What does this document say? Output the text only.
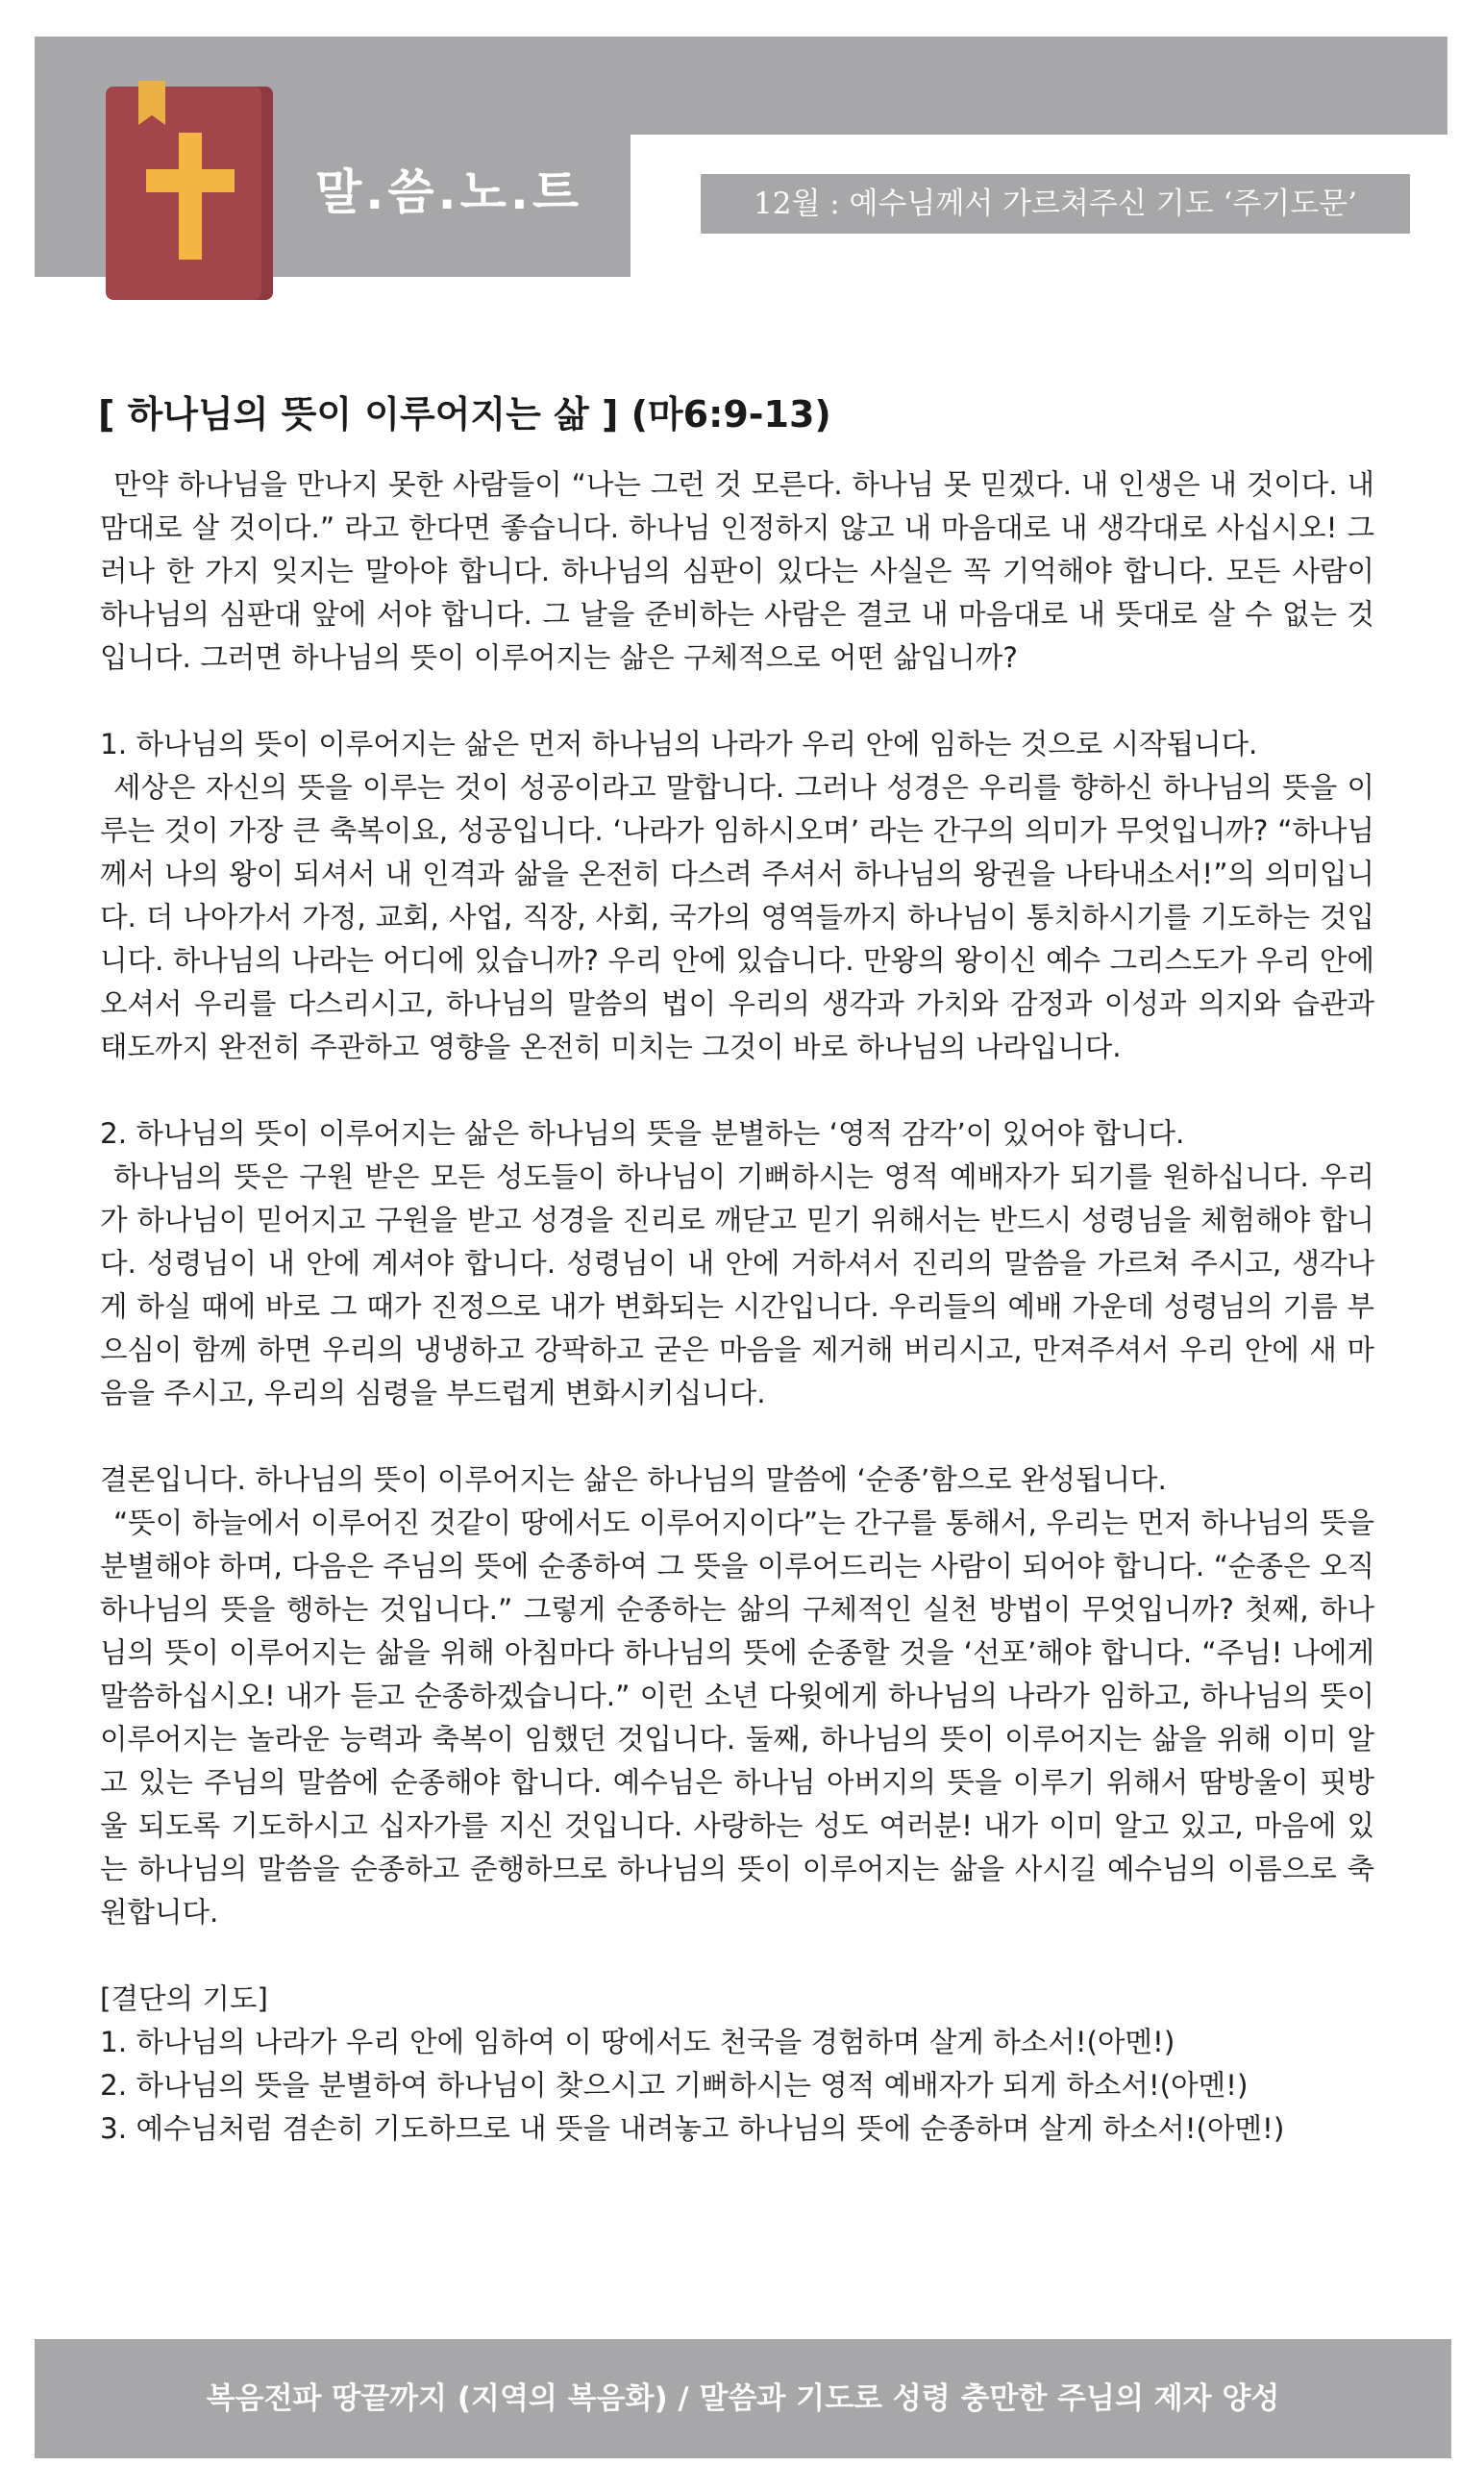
말.씀.노.트	12월 : 예수님께서 가르쳐주신 기도 ‘주기도문’
[ 하나님의 뜻이 이루어지는 삶 ] (마6:9-13)

만약 하나님을 만나지 못한 사람들이 “나는 그런 것 모른다. 하나님 못 믿겠다. 내 인생은 내 것이다. 내 맘대로 살 것이다.” 라고 한다면 좋습니다. 하나님 인정하지 않고 내 마음대로 내 생각대로 사십시오! 그러나 한 가지 잊지는 말아야 합니다. 하나님의 심판이 있다는 사실은 꼭 기억해야 합니다. 모든 사람이 하나님의 심판대 앞에 서야 합니다. 그 날을 준비하는 사람은 결코 내 마음대로 내 뜻대로 살 수 없는 것입니다. 그러면 하나님의 뜻이 이루어지는 삶은 구체적으로 어떤 삶입니까?

1. 하나님의 뜻이 이루어지는 삶은 먼저 하나님의 나라가 우리 안에 임하는 것으로 시작됩니다.
세상은 자신의 뜻을 이루는 것이 성공이라고 말합니다. 그러나 성경은 우리를 향하신 하나님의 뜻을 이루는 것이 가장 큰 축복이요, 성공입니다. ‘나라가 임하시오며’ 라는 간구의 의미가 무엇입니까? “하나님께서 나의 왕이 되셔서 내 인격과 삶을 온전히 다스려 주셔서 하나님의 왕권을 나타내소서!”의 의미입니다. 더 나아가서 가정, 교회, 사업, 직장, 사회, 국가의 영역들까지 하나님이 통치하시기를 기도하는 것입니다. 하나님의 나라는 어디에 있습니까? 우리 안에 있습니다. 만왕의 왕이신 예수 그리스도가 우리 안에 오셔서 우리를 다스리시고, 하나님의 말씀의 법이 우리의 생각과 가치와 감정과 이성과 의지와 습관과 태도까지 완전히 주관하고 영향을 온전히 미치는 그것이 바로 하나님의 나라입니다.

2. 하나님의 뜻이 이루어지는 삶은 하나님의 뜻을 분별하는 ‘영적 감각’이 있어야 합니다.
하나님의 뜻은 구원 받은 모든 성도들이 하나님이 기뻐하시는 영적 예배자가 되기를 원하십니다. 우리가 하나님이 믿어지고 구원을 받고 성경을 진리로 깨닫고 믿기 위해서는 반드시 성령님을 체험해야 합니다. 성령님이 내 안에 계셔야 합니다. 성령님이 내 안에 거하셔서 진리의 말씀을 가르쳐 주시고, 생각나게 하실 때에 바로 그 때가 진정으로 내가 변화되는 시간입니다. 우리들의 예배 가운데 성령님의 기름 부으심이 함께 하면 우리의 냉냉하고 강팍하고 굳은 마음을 제거해 버리시고, 만져주셔서 우리 안에 새 마음을 주시고, 우리의 심령을 부드럽게 변화시키십니다.

결론입니다. 하나님의 뜻이 이루어지는 삶은 하나님의 말씀에 ‘순종’함으로 완성됩니다.
“뜻이 하늘에서 이루어진 것같이 땅에서도 이루어지이다”는 간구를 통해서, 우리는 먼저 하나님의 뜻을 분별해야 하며, 다음은 주님의 뜻에 순종하여 그 뜻을 이루어드리는 사람이 되어야 합니다. “순종은 오직 하나님의 뜻을 행하는 것입니다.” 그렇게 순종하는 삶의 구체적인 실천 방법이 무엇입니까? 첫째, 하나님의 뜻이 이루어지는 삶을 위해 아침마다 하나님의 뜻에 순종할 것을 ‘선포’해야 합니다. “주님! 나에게 말씀하십시오! 내가 듣고 순종하겠습니다.” 이런 소년 다윗에게 하나님의 나라가 임하고, 하나님의 뜻이 이루어지는 놀라운 능력과 축복이 임했던 것입니다. 둘째, 하나님의 뜻이 이루어지는 삶을 위해 이미 알고 있는 주님의 말씀에 순종해야 합니다. 예수님은 하나님 아버지의 뜻을 이루기 위해서 땀방울이 핏방울 되도록 기도하시고 십자가를 지신 것입니다. 사랑하는 성도 여러분! 내가 이미 알고 있고, 마음에 있는 하나님의 말씀을 순종하고 준행하므로 하나님의 뜻이 이루어지는 삶을 사시길 예수님의 이름으로 축원합니다.

[결단의 기도]
1. 하나님의 나라가 우리 안에 임하여 이 땅에서도 천국을 경험하며 살게 하소서!(아멘!)
2. 하나님의 뜻을 분별하여 하나님이 찾으시고 기뻐하시는 영적 예배자가 되게 하소서!(아멘!)
3. 예수님처럼 겸손히 기도하므로 내 뜻을 내려놓고 하나님의 뜻에 순종하며 살게 하소서!(아멘!)
복음전파 땅끝까지 (지역의 복음화) / 말씀과 기도로 성령 충만한 주님의 제자 양성
